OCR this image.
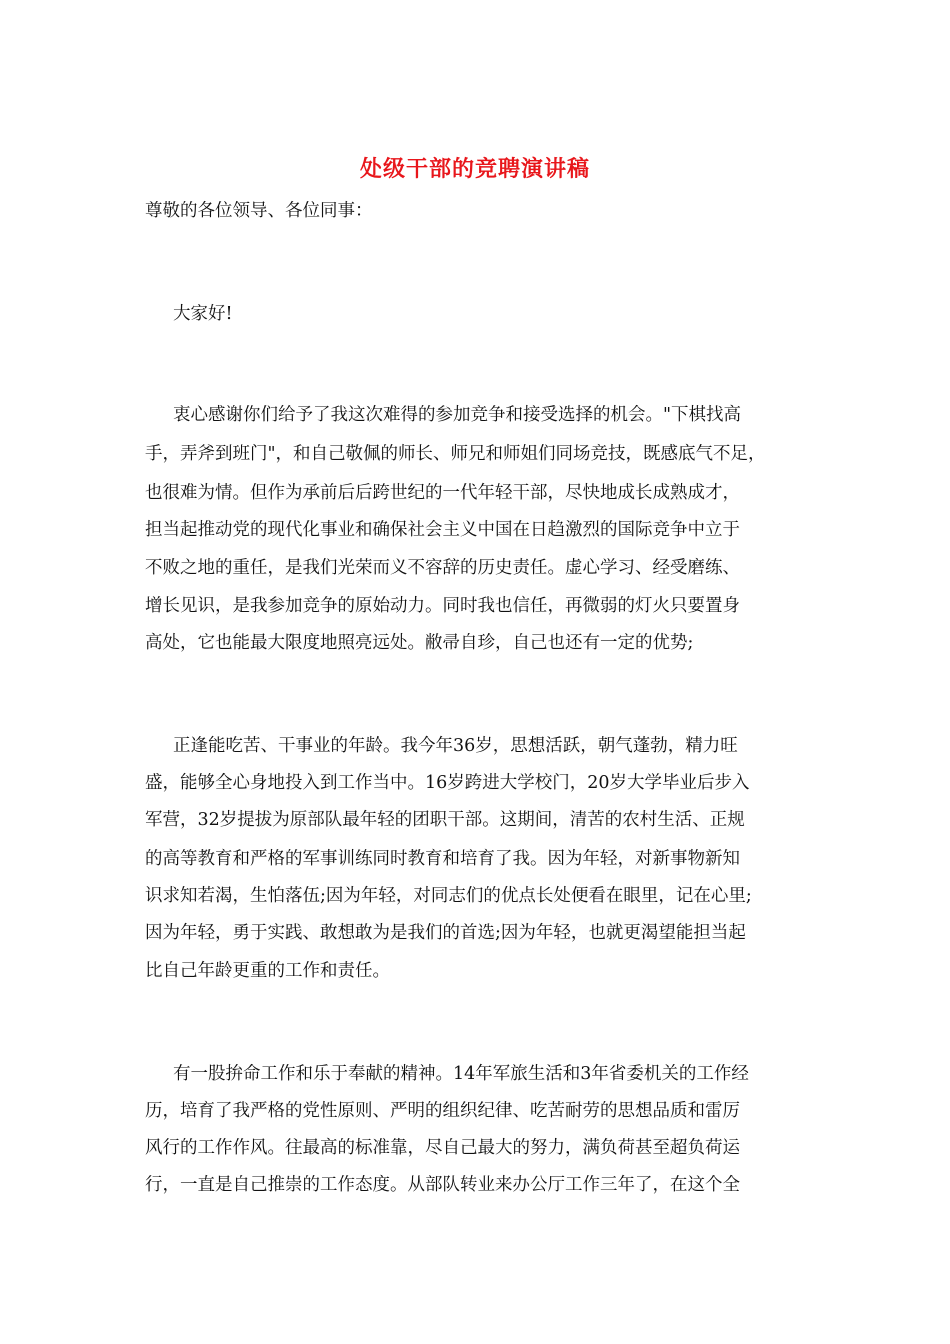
处级干部的竞聘演讲稿
尊敬的各位领导、各位同事：
大家好!
衷心感谢你们给予了我这次难得的参加竞争和接受选择的机会。"下棋找高
手，弄斧到班门"，和自己敬佩的师长、师兄和师姐们同场竞技，既感底气不足，
也很难为情。但作为承前后后跨世纪的一代年轻干部，尽快地成长成熟成才，
担当起推动党的现代化事业和确保社会主义中国在日趋激烈的国际竞争中立于
不败之地的重任，是我们光荣而义不容辞的历史责任。虚心学习、经受磨练、
增长见识，是我参加竞争的原始动力。同时我也信任，再微弱的灯火只要置身
高处，它也能最大限度地照亮远处。敝帚自珍，自己也还有一定的优势;
正逢能吃苦、干事业的年龄。我今年36岁，思想活跃，朝气蓬勃，精力旺
盛，能够全心身地投入到工作当中。16岁跨进大学校门，20岁大学毕业后步入
军营，32岁提拔为原部队最年轻的团职干部。这期间，清苦的农村生活、正规
的高等教育和严格的军事训练同时教育和培育了我。因为年轻，对新事物新知
识求知若渴，生怕落伍;因为年轻，对同志们的优点长处便看在眼里，记在心里;
因为年轻，勇于实践、敢想敢为是我们的首选;因为年轻，也就更渴望能担当起
比自己年龄更重的工作和责任。
有一股拚命工作和乐于奉献的精神。14年军旅生活和3年省委机关的工作经
历，培育了我严格的党性原则、严明的组织纪律、吃苦耐劳的思想品质和雷厉
风行的工作作风。往最高的标准靠，尽自己最大的努力，满负荷甚至超负荷运
行，一直是自己推崇的工作态度。从部队转业来办公厅工作三年了，在这个全
